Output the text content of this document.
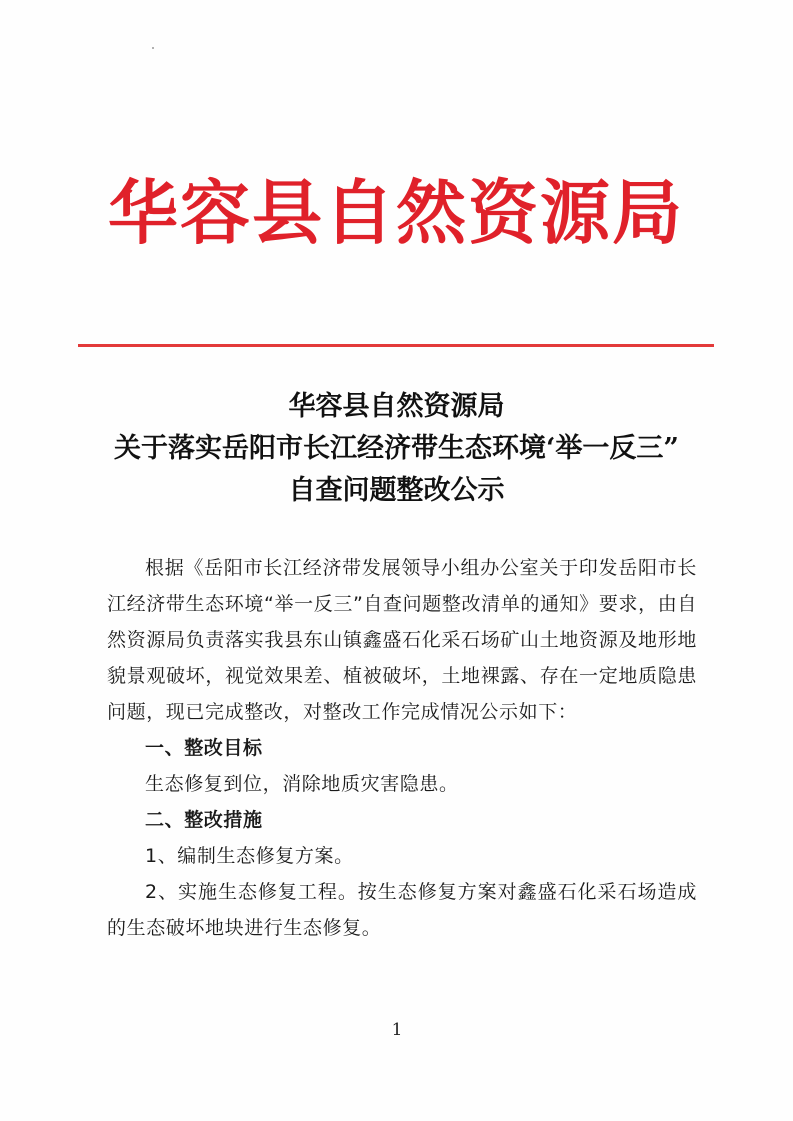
华容县自然资源局
华容县自然资源局
关于落实岳阳市长江经济带生态环境‘举一反三”
自查问题整改公示

根据《岳阳市长江经济带发展领导小组办公室关于印发岳阳市长江经济带生态环境“举一反三”自查问题整改清单的通知》要求，由自然资源局负责落实我县东山镇鑫盛石化采石场矿山土地资源及地形地貌景观破坏，视觉效果差、植被破坏，土地裸露、存在一定地质隐患问题，现已完成整改，对整改工作完成情况公示如下：

一、整改目标

生态修复到位，消除地质灾害隐患。

二、整改措施

1、编制生态修复方案。

2、实施生态修复工程。按生态修复方案对鑫盛石化采石场造成的生态破坏地块进行生态修复。

1
